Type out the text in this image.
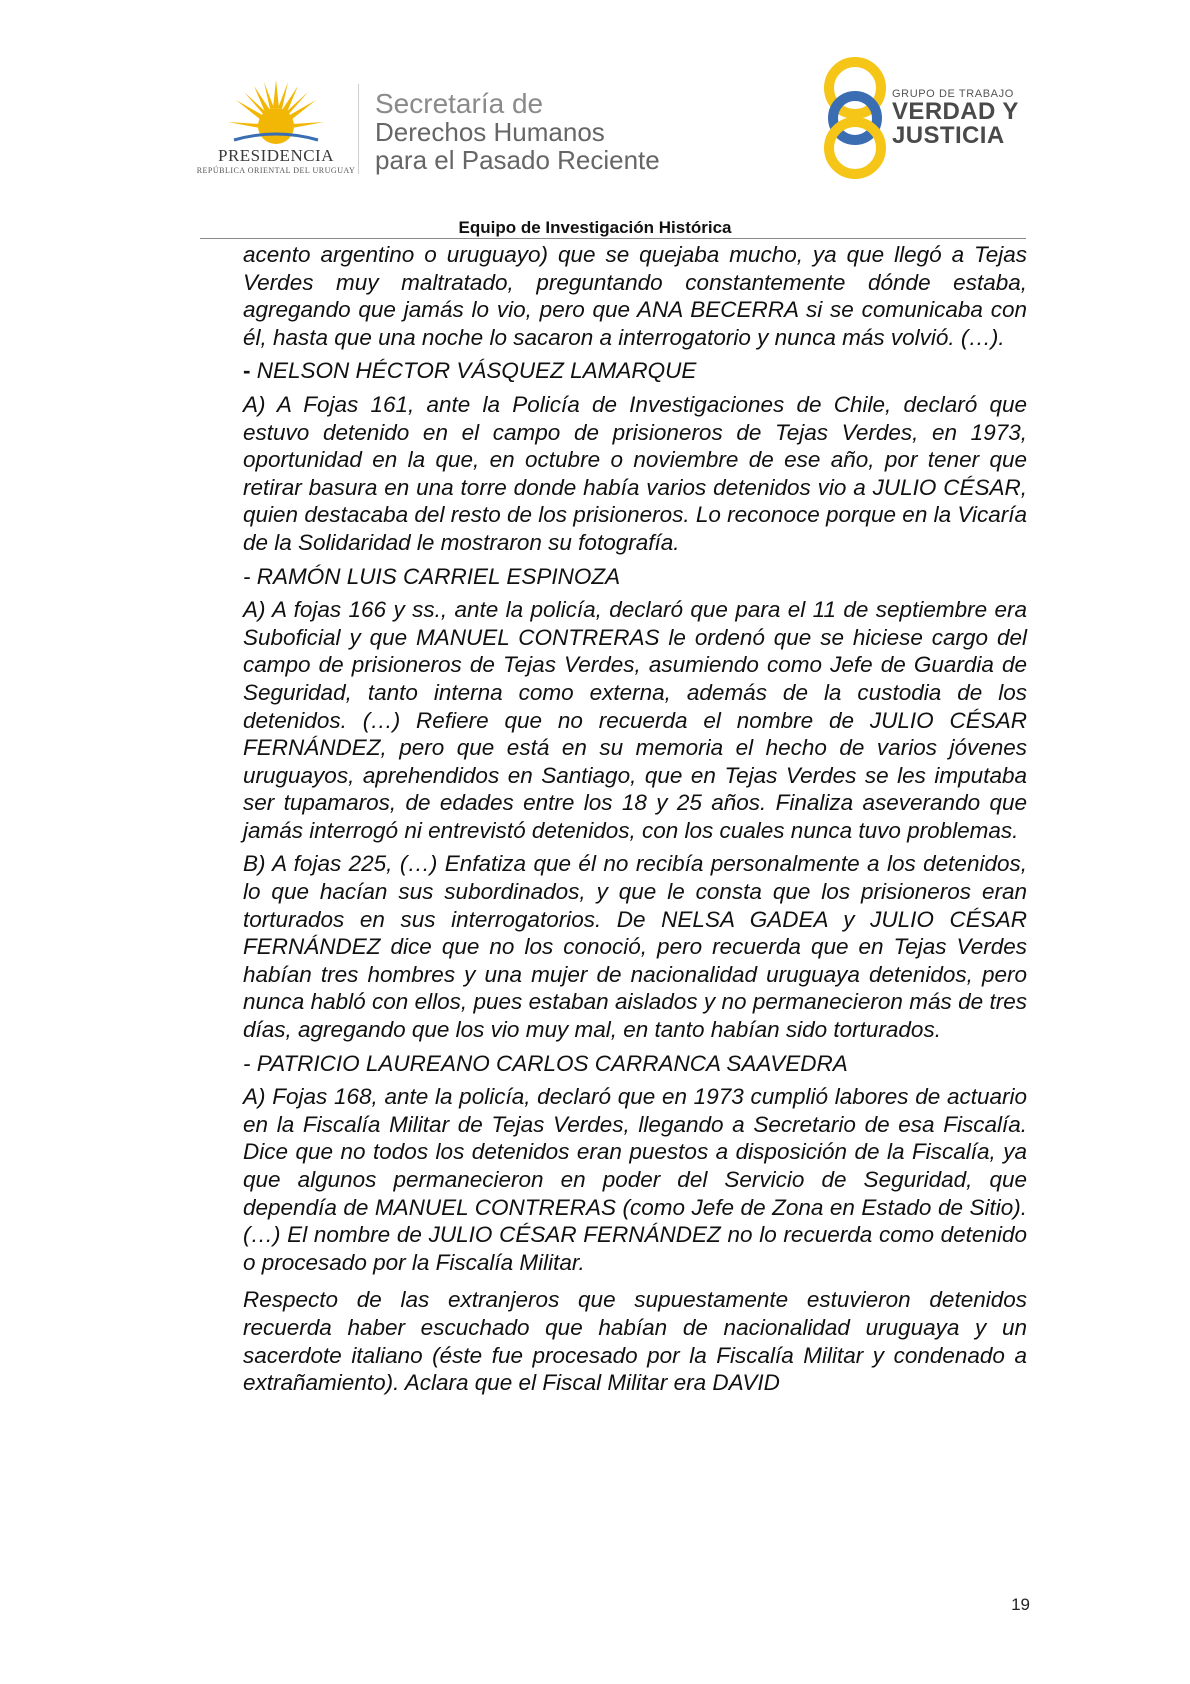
PRESIDENCIA
REPÚBLICA ORIENTAL DEL URUGUAY
Secretaría de
Derechos Humanos
para el Pasado Reciente
GRUPO DE TRABAJO
VERDAD Y
JUSTICIA
Equipo de Investigación Histórica

acento argentino o uruguayo) que se quejaba mucho, ya que llegó a Tejas Verdes muy maltratado, preguntando constantemente dónde estaba, agregando que jamás lo vio, pero que ANA BECERRA si se comunicaba con él, hasta que una noche lo sacaron a interrogatorio y nunca más volvió. (…).

- NELSON HÉCTOR VÁSQUEZ LAMARQUE

A) A Fojas 161, ante la Policía de Investigaciones de Chile, declaró que estuvo detenido en el campo de prisioneros de Tejas Verdes, en 1973, oportunidad en la que, en octubre o noviembre de ese año, por tener que retirar basura en una torre donde había varios detenidos vio a JULIO CÉSAR, quien destacaba del resto de los prisioneros. Lo reconoce porque en la Vicaría de la Solidaridad le mostraron su fotografía.

- RAMÓN LUIS CARRIEL ESPINOZA

A) A fojas 166 y ss., ante la policía, declaró que para el 11 de septiembre era Suboficial y que MANUEL CONTRERAS le ordenó que se hiciese cargo del campo de prisioneros de Tejas Verdes, asumiendo como Jefe de Guardia de Seguridad, tanto interna como externa, además de la custodia de los detenidos. (…) Refiere que no recuerda el nombre de JULIO CÉSAR FERNÁNDEZ, pero que está en su memoria el hecho de varios jóvenes uruguayos, aprehendidos en Santiago, que en Tejas Verdes se les imputaba ser tupamaros, de edades entre los 18 y 25 años. Finaliza aseverando que jamás interrogó ni entrevistó detenidos, con los cuales nunca tuvo problemas.

B) A fojas 225, (…) Enfatiza que él no recibía personalmente a los detenidos, lo que hacían sus subordinados, y que le consta que los prisioneros eran torturados en sus interrogatorios. De NELSA GADEA y JULIO CÉSAR FERNÁNDEZ dice que no los conoció, pero recuerda que en Tejas Verdes habían tres hombres y una mujer de nacionalidad uruguaya detenidos, pero nunca habló con ellos, pues estaban aislados y no permanecieron más de tres días, agregando que los vio muy mal, en tanto habían sido torturados.

- PATRICIO LAUREANO CARLOS CARRANCA SAAVEDRA

A) Fojas 168, ante la policía, declaró que en 1973 cumplió labores de actuario en la Fiscalía Militar de Tejas Verdes, llegando a Secretario de esa Fiscalía. Dice que no todos los detenidos eran puestos a disposición de la Fiscalía, ya que algunos permanecieron en poder del Servicio de Seguridad, que dependía de MANUEL CONTRERAS (como Jefe de Zona en Estado de Sitio). (…) El nombre de JULIO CÉSAR FERNÁNDEZ no lo recuerda como detenido o procesado por la Fiscalía Militar.

Respecto de las extranjeros que supuestamente estuvieron detenidos recuerda haber escuchado que habían de nacionalidad uruguaya y un sacerdote italiano (éste fue procesado por la Fiscalía Militar y condenado a extrañamiento). Aclara que el Fiscal Militar era DAVID

19
